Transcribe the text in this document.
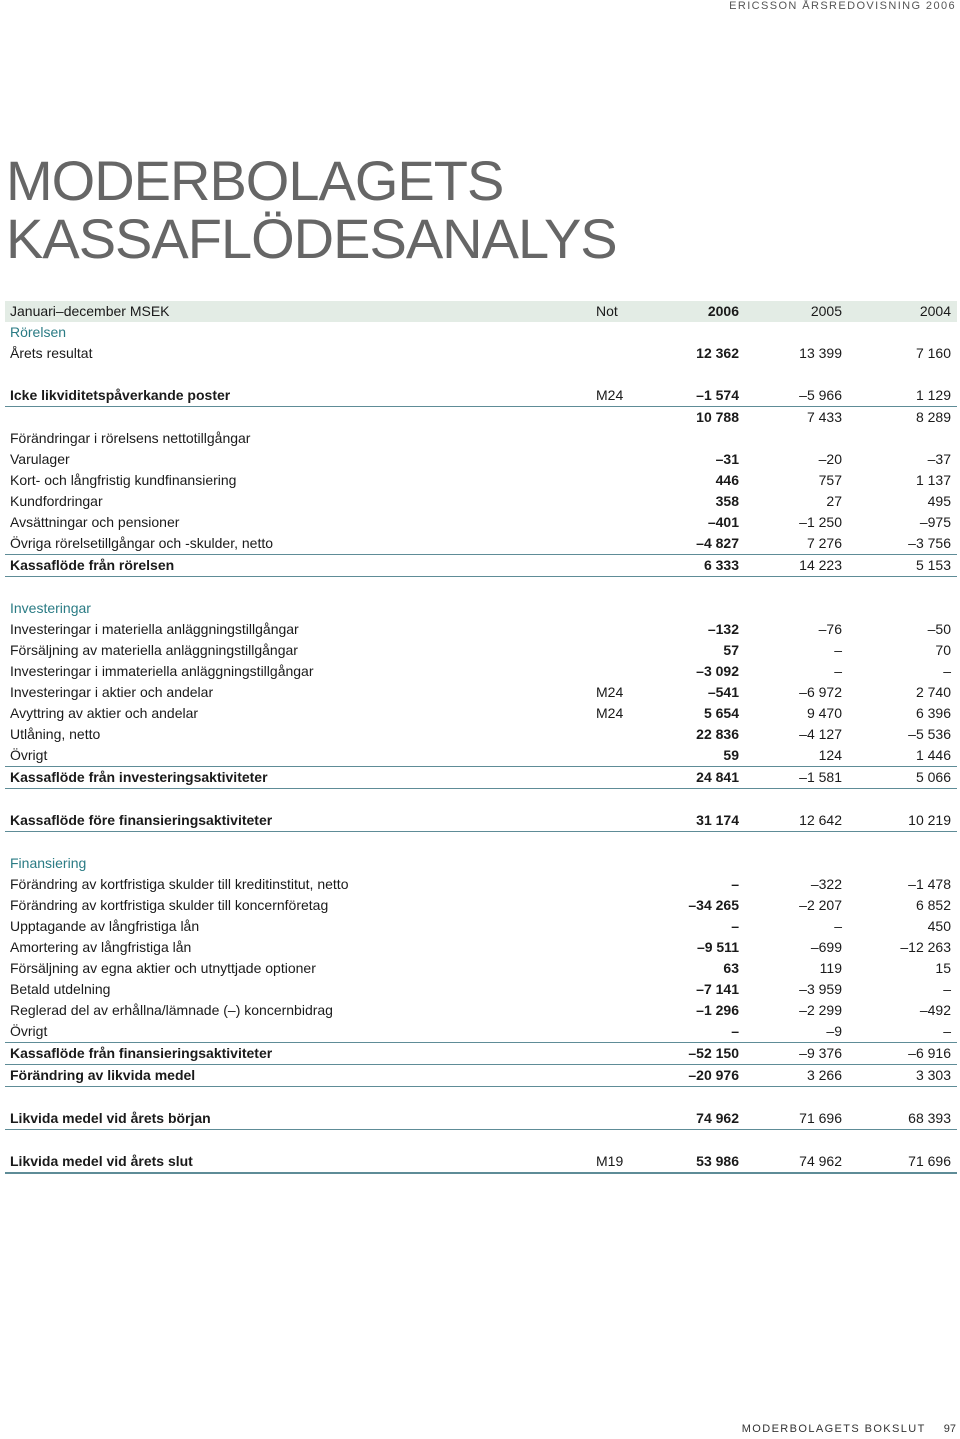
ERICSSON ÅRSREDOVISNING 2006
MODERBOLAGETS
KASSAFLÖDESANALYS
Januari–december MSEK	Not	2006	2005	2004
Rörelsen
Årets resultat	12 362	13 399	7 160
Icke likviditetspåverkande poster	M24	–1 574	–5 966	1 129
10 788	7 433	8 289
Förändringar i rörelsens nettotillgångar
Varulager	–31	–20	–37
Kort- och långfristig kundfinansiering	446	757	1 137
Kundfordringar	358	27	495
Avsättningar och pensioner	–401	–1 250	–975
Övriga rörelsetillgångar och -skulder, netto	–4 827	7 276	–3 756
Kassaflöde från rörelsen	6 333	14 223	5 153
Investeringar
Investeringar i materiella anläggningstillgångar	–132	–76	–50
Försäljning av materiella anläggningstillgångar	57	–	70
Investeringar i immateriella anläggningstillgångar	–3 092	–	–
Investeringar i aktier och andelar	M24	–541	–6 972	2 740
Avyttring av aktier och andelar	M24	5 654	9 470	6 396
Utlåning, netto	22 836	–4 127	–5 536
Övrigt	59	124	1 446
Kassaflöde från investeringsaktiviteter	24 841	–1 581	5 066
Kassaflöde före finansieringsaktiviteter	31 174	12 642	10 219
Finansiering
Förändring av kortfristiga skulder till kreditinstitut, netto	–	–322	–1 478
Förändring av kortfristiga skulder till koncernföretag	–34 265	–2 207	6 852
Upptagande av långfristiga lån	–	–	450
Amortering av långfristiga lån	–9 511	–699	–12 263
Försäljning av egna aktier och utnyttjade optioner	63	119	15
Betald utdelning	–7 141	–3 959	–
Reglerad del av erhållna/lämnade (–) koncernbidrag	–1 296	–2 299	–492
Övrigt	–	–9	–
Kassaflöde från finansieringsaktiviteter	–52 150	–9 376	–6 916
Förändring av likvida medel	–20 976	3 266	3 303
Likvida medel vid årets början	74 962	71 696	68 393
Likvida medel vid årets slut	M19	53 986	74 962	71 696
MODERBOLAGETS BOKSLUT 97
